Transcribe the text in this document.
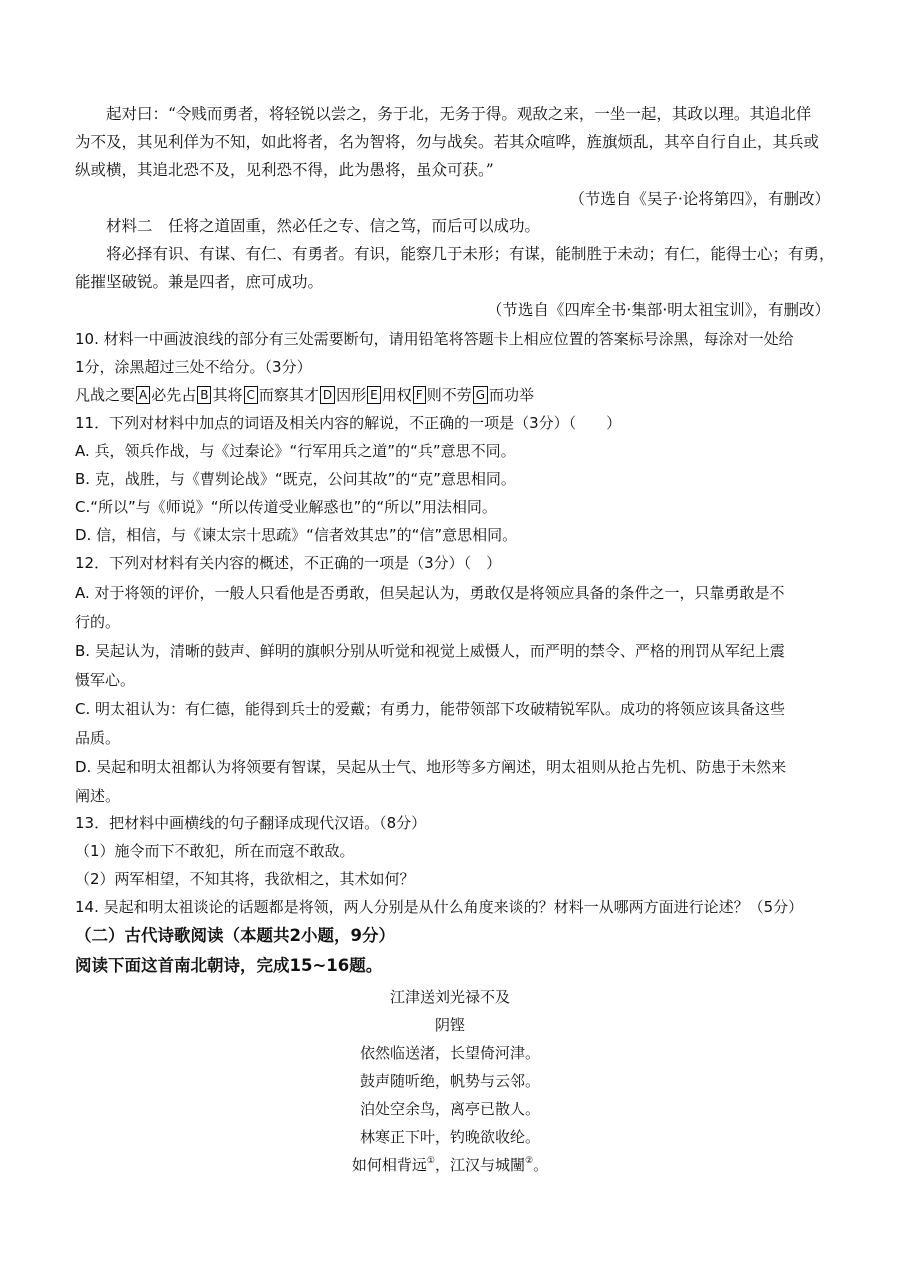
起对曰：“令贱而勇者，将轻锐以尝之，务于北，无务于得。观敌之来，一坐一起，其政以理。其追北佯
为不及，其见利佯为不知，如此将者，名为智将，勿与战矣。若其众喧哗，旌旗烦乱，其卒自行自止，其兵或
纵或横，其追北恐不及，见利恐不得，此为愚将，虽众可获。”
（节选自《吴子·论将第四》，有删改）
材料二　任将之道固重，然必任之专、信之笃，而后可以成功。
将必择有识、有谋、有仁、有勇者。有识，能察几于未形；有谋，能制胜于未动；有仁，能得士心；有勇，
能摧坚破锐。兼是四者，庶可成功。
（节选自《四库全书·集部·明太祖宝训》，有删改）
10. 材料一中画波浪线的部分有三处需要断句，请用铅笔将答题卡上相应位置的答案标号涂黑，每涂对一处给
1分，涂黑超过三处不给分。（3分）
凡战之要 A 必先占 B 其将 C 而察其才 D 因形 E 用权 F 则不劳 G 而功举
11．下列对材料中加点的词语及相关内容的解说，不正确的一项是（3分）（　　）
A. 兵，领兵作战，与《过秦论》“行军用兵之道”的“兵”意思不同。
B. 克，战胜，与《曹刿论战》“既克，公问其故”的“克”意思相同。
C.“所以”与《师说》“所以传道受业解惑也”的“所以”用法相同。
D. 信，相信，与《谏太宗十思疏》“信者效其忠”的“信”意思相同。
12．下列对材料有关内容的概述，不正确的一项是（3分）（　）
A. 对于将领的评价，一般人只看他是否勇敢，但吴起认为，勇敢仅是将领应具备的条件之一，只靠勇敢是不
行的。
B. 吴起认为，清晰的鼓声、鲜明的旗帜分别从听觉和视觉上威慑人，而严明的禁令、严格的刑罚从军纪上震
慑军心。
C. 明太祖认为：有仁德，能得到兵士的爱戴；有勇力，能带领部下攻破精锐军队。成功的将领应该具备这些
品质。
D. 吴起和明太祖都认为将领要有智谋，吴起从士气、地形等多方阐述，明太祖则从抢占先机、防患于未然来
阐述。
13．把材料中画横线的句子翻译成现代汉语。（8分）
（1）施令而下不敢犯，所在而寇不敢敌。
（2）两军相望，不知其将，我欲相之，其术如何？
14. 吴起和明太祖谈论的话题都是将领，两人分别是从什么角度来谈的？材料一从哪两方面进行论述？（5分）
（二）古代诗歌阅读（本题共2小题，9分）
阅读下面这首南北朝诗，完成15~16题。
江津送刘光禄不及
阴铿
依然临送渚，长望倚河津。
鼓声随听绝，帆势与云邻。
泊处空余鸟，离亭已散人。
林寒正下叶，钓晚欲收纶。
如何相背远①，江汉与城闉②。
